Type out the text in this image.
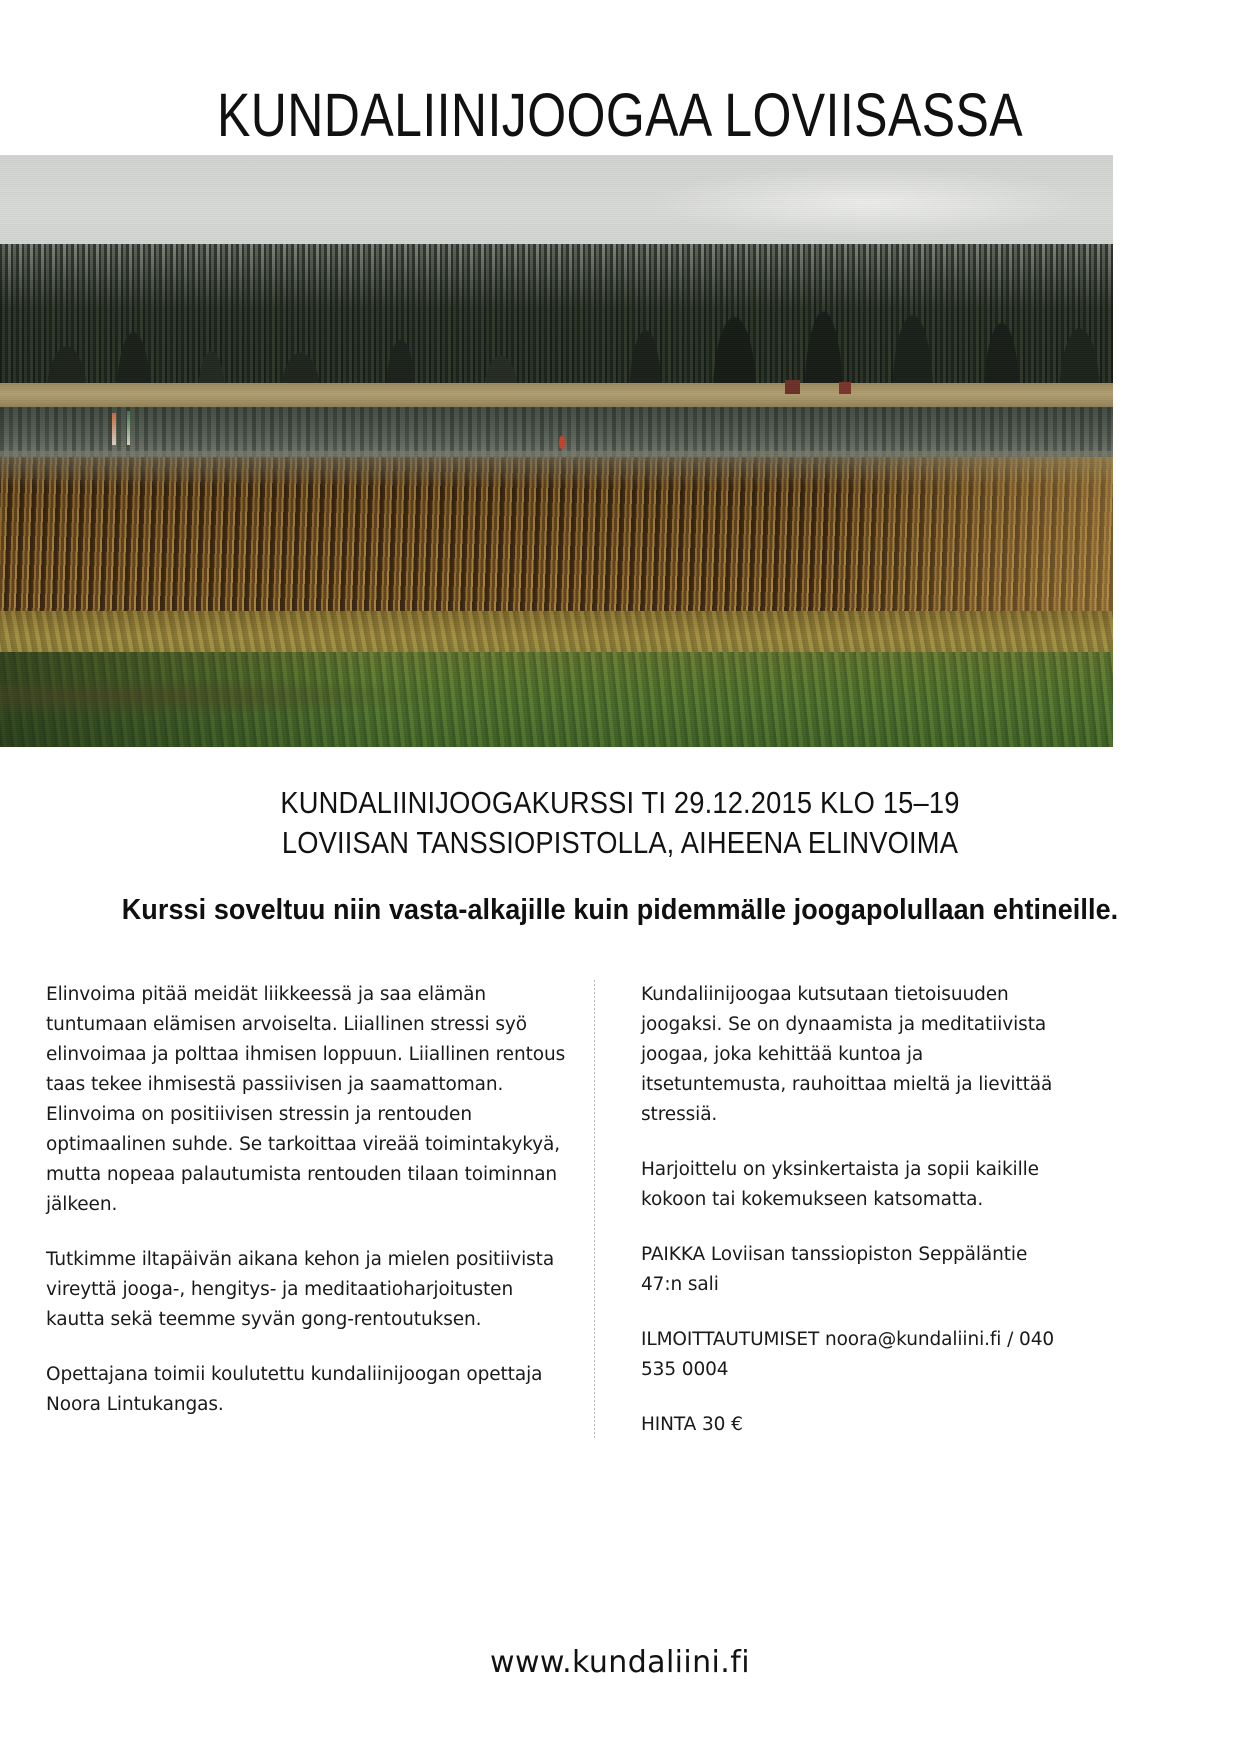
KUNDALIINIJOOGAA LOVIISASSA
KUNDALIINIJOOGAKURSSI TI 29.12.2015 KLO 15–19
LOVIISAN TANSSIOPISTOLLA, AIHEENA ELINVOIMA
Kurssi soveltuu niin vasta-alkajille kuin pidemmälle joogapolullaan ehtineille.

Elinvoima pitää meidät liikkeessä ja saa elämän tuntumaan elämisen arvoiselta. Liiallinen stressi syö elinvoimaa ja polttaa ihmisen loppuun. Liiallinen rentous taas tekee ihmisestä passiivisen ja saamattoman. Elinvoima on positiivisen stressin ja rentouden optimaalinen suhde. Se tarkoittaa vireää toimintakykyä, mutta nopeaa palautumista rentouden tilaan toiminnan jälkeen.

Tutkimme iltapäivän aikana kehon ja mielen positiivista vireyttä jooga-, hengitys- ja meditaatioharjoitusten kautta sekä teemme syvän gong-rentoutuksen.

Opettajana toimii koulutettu kundaliinijoogan opettaja Noora Lintukangas.

Kundaliinijoogaa kutsutaan tietoisuuden joogaksi. Se on dynaamista ja meditatiivista joogaa, joka kehittää kuntoa ja itsetuntemusta, rauhoittaa mieltä ja lievittää stressiä.

Harjoittelu on yksinkertaista ja sopii kaikille kokoon tai kokemukseen katsomatta.

PAIKKA Loviisan tanssiopiston Seppäläntie 47:n sali

ILMOITTAUTUMISET noora@kundaliini.fi / 040 535 0004

HINTA 30 €

www.kundaliini.fi
